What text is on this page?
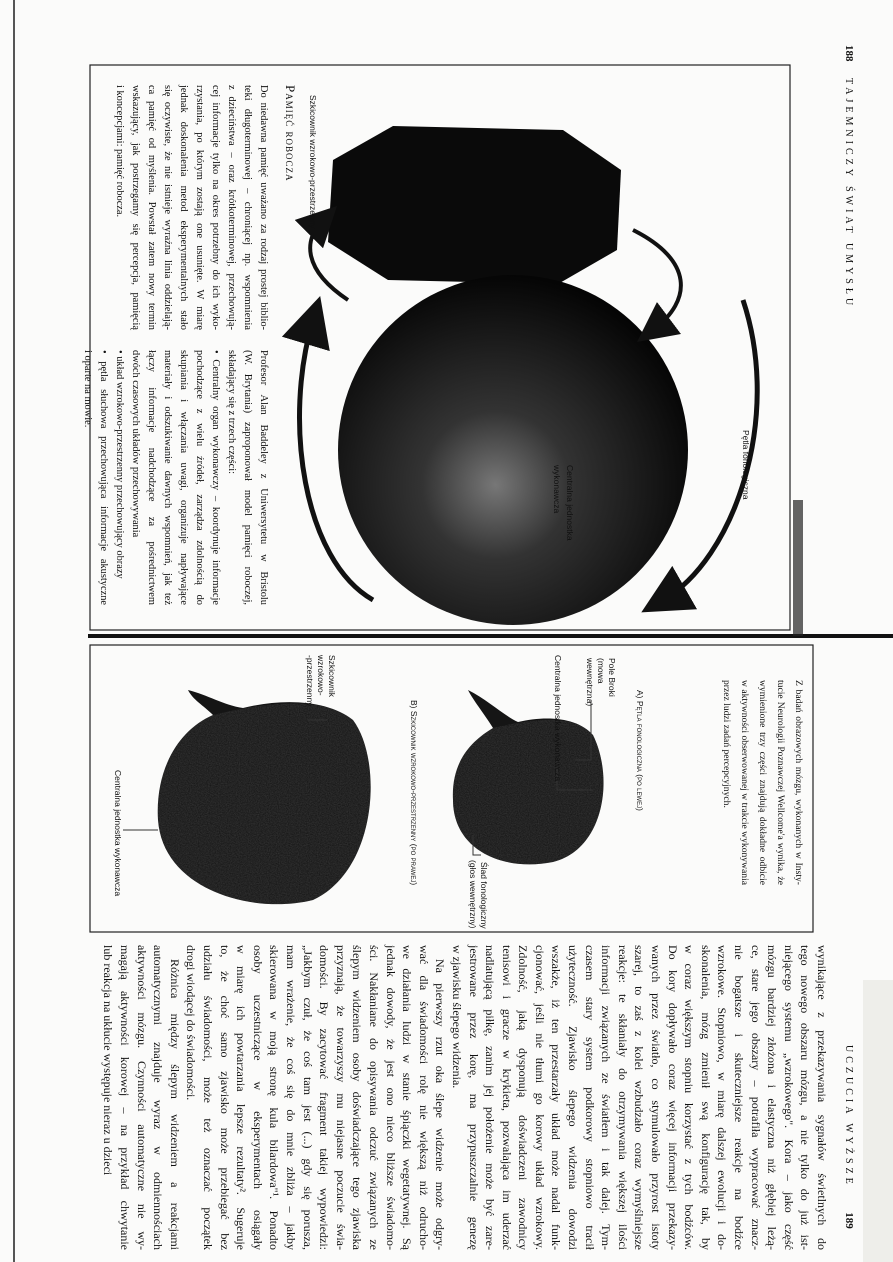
188 TAJEMNICZY ŚWIAT UMYSŁU
Pętla fonologiczna
Centralna jednostka
wykonawcza
Szkicownik wzrokowo-przestrzenny
Pamięć robocza
Do niedawna pamięć uważano za rodzaj prostej biblio-
teki długoterminowej – chroniącej np. wspomnienia
z dzieciństwa – oraz krótkoterminowej, przechowują-
cej informacje tylko na okres potrzebny do ich wyko-
rzystania, po którym zostają one usunięte. W miarę
jednak doskonalenia metod eksperymentalnych stało
się oczywiste, że nie istnieje wyraźna linia oddzielają-
ca pamięć od myślenia. Powstał zatem nowy termin
wskazujący, jak postrzegamy się percepcja, pamięcią
i koncepcjami: pamięć robocza.
Profesor Alan Baddeley z Uniwersytetu w Bristolu
(W. Brytania) zaproponował model pamięci roboczej,
składający się z trzech części:
• Centralny organ wykonawczy – koordynuje informacje
pochodzące z wielu źródeł, zarządza zdolnością do
skupiania i włączania uwagi, organizuje napływające
materiały i odszukiwanie dawnych wspomnień, jak też
łączy informacje nadchodzące za pośrednictwem
dwóch czasowych układów przechowywania
• układ wzrokowo-przestrzenny przechowujący obrazy
• pętla słuchowa przechowująca informacje akustyczne
i oparte na mowie.
UCZUCIA WYŻSZE 189
Z badań obrazowych mózgu, wykonanych w Insty-
tucie Neurologii Poznawczej Wellcome'a wynika, że
wymienione trzy części znajdują dokładne odbicie
w aktywności obserwowanej w trakcie wykonywania
przez ludzi zadań percepcyjnych.
A) Pętla fonologiczna (po lewej)
Pole Broki
(mowa
wewnętrzna)
Centralna jednostka wykonawcza
Ślad fonologiczny
(głos wewnętrzny)
B) Szkicownik wzrokowo-przestrzenny (po prawej)
Szkicownik
wzrokowo-
-przestrzenny
Centralna jednostka wykonawcza
wynikające z przekazywania sygnałów świetlnych do
tego nowego obszaru mózgu, a nie tylko do już ist-
niejącego systemu „wzrokowego". Kora – jako część
mózgu bardziej złożona i elastyczna niż głębiej leżą-
ce, stare jego obszary – potrafiła wypracować znacz-
nie bogatsze i skuteczniejsze reakcje na bodźce
wzrokowe. Stopniowo, w miarę dalszej ewolucji i do-
skonalenia, mózg zmienił swą konfigurację tak, by
w coraz większym stopniu korzystać z tych bodźców.
Do kory dopływało coraz więcej informacji przekazy-
wanych przez światło, co stymulowało przyrost istoty
szarej, to zaś z kolei wzbudzało coraz wymyślniejsze
reakcje: te skłaniały do otrzymywania większej ilości
informacji związanych ze światłem i tak dalej. Tym-
czasem stary system podkorowy stopniowo tracił
użyteczność. Zjawisko ślepego widzenia dowodzi
wszakże, iż ten przestarzały układ może nadal funk-
cjonować, jeśli nie tłumi go korowy układ wzrokowy.
Zdolność, jaką dysponują doświadczeni zawodnicy
tenisowi i gracze w krykieta, pozwalająca im uderzać
nadlatującą piłkę, zanim jej położenie może być zare-
jestrowane przez korę, ma przypuszczalnie genezę
w zjawisku ślepego widzenia.
Na pierwszy rzut oka ślepe widzenie może odgry-
wać dla świadomości rolę nie większą niż odrucho-
we działania ludzi w stanie śpiączki wegetatywnej. Są
jednak dowody, że jest ono nieco bliższe świadomo-
ści. Nakłaniane do opisywania odczuć związanych ze
ślepym widzeniem osoby doświadczające tego zjawiska
przyznają, że towarzyszy mu niejasne poczucie świa-
domości. By zacytować fragment takiej wypowiedzi:
„Jakbym czuł, że coś tam jest (...) gdy się porusza,
mam wrażenie, że coś się do mnie zbliża – jakby
skierowana w moją stronę kula bilardowa"¹. Ponadto
osoby uczestniczące w eksperymentach osiągały
w miarę ich powtarzania lepsze rezultaty². Sugeruje
to, że choć samo zjawisko może przebiegać bez
udziału świadomości, może też oznaczać początek
drogi wiodącej do świadomości.
Różnica między ślepym widzeniem a reakcjami
automatycznymi znajduje wyraz w odmiennościach
aktywności mózgu. Czynności automatyczne nie wy-
magają aktywności korowej – na przykład chwytanie
lub reakcja na ukłucie występuje nieraz u dzieci
